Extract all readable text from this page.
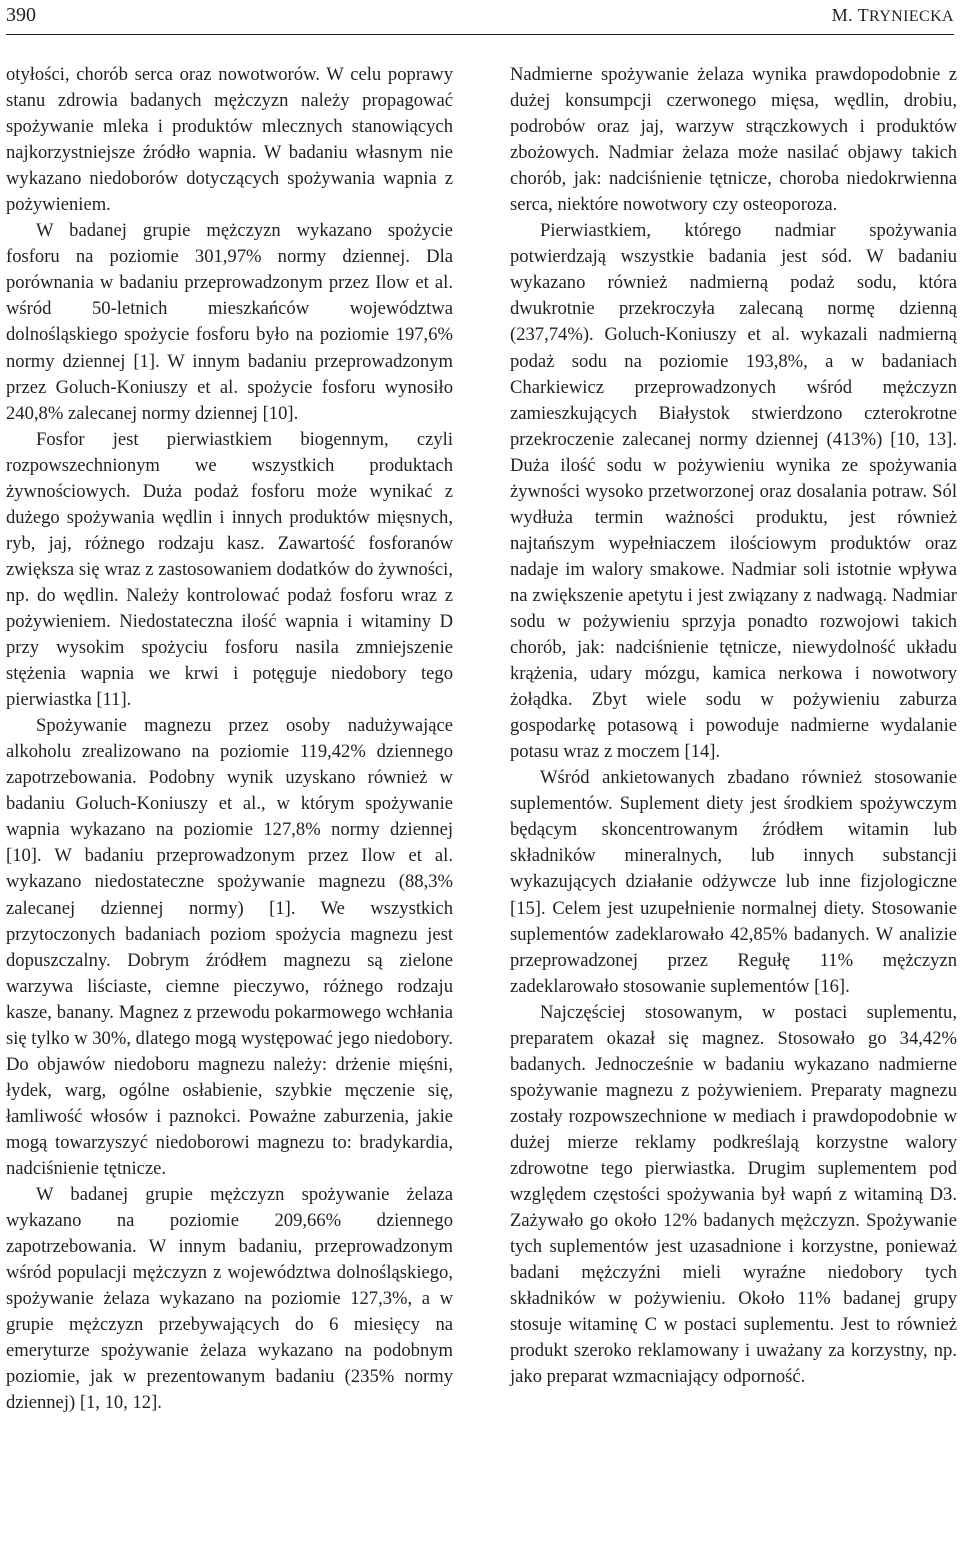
390	M. TRYNIECKA

otyłości, chorób serca oraz nowotworów. W celu poprawy stanu zdrowia badanych mężczyzn należy propagować spożywanie mleka i produktów mlecznych stanowiących najkorzystniejsze źródło wapnia. W badaniu własnym nie wykazano niedoborów dotyczących spożywania wapnia z pożywieniem.

W badanej grupie mężczyzn wykazano spożycie fosforu na poziomie 301,97% normy dziennej. Dla porównania w badaniu przeprowadzonym przez Ilow et al. wśród 50-letnich mieszkańców województwa dolnośląskiego spożycie fosforu było na poziomie 197,6% normy dziennej [1]. W innym badaniu przeprowadzonym przez Goluch-Koniuszy et al. spożycie fosforu wynosiło 240,8% zalecanej normy dziennej [10].

Fosfor jest pierwiastkiem biogennym, czyli rozpowszechnionym we wszystkich produktach żywnościowych. Duża podaż fosforu może wynikać z dużego spożywania wędlin i innych produktów mięsnych, ryb, jaj, różnego rodzaju kasz. Zawartość fosforanów zwiększa się wraz z zastosowaniem dodatków do żywności, np. do wędlin. Należy kontrolować podaż fosforu wraz z pożywieniem. Niedostateczna ilość wapnia i witaminy D przy wysokim spożyciu fosforu nasila zmniejszenie stężenia wapnia we krwi i potęguje niedobory tego pierwiastka [11].

Spożywanie magnezu przez osoby nadużywające alkoholu zrealizowano na poziomie 119,42% dziennego zapotrzebowania. Podobny wynik uzyskano również w badaniu Goluch-Koniuszy et al., w którym spożywanie wapnia wykazano na poziomie 127,8% normy dziennej [10]. W badaniu przeprowadzonym przez Ilow et al. wykazano niedostateczne spożywanie magnezu (88,3% zalecanej dziennej normy) [1]. We wszystkich przytoczonych badaniach poziom spożycia magnezu jest dopuszczalny. Dobrym źródłem magnezu są zielone warzywa liściaste, ciemne pieczywo, różnego rodzaju kasze, banany. Magnez z przewodu pokarmowego wchłania się tylko w 30%, dlatego mogą występować jego niedobory. Do objawów niedoboru magnezu należy: drżenie mięśni, łydek, warg, ogólne osłabienie, szybkie męczenie się, łamliwość włosów i paznokci. Poważne zaburzenia, jakie mogą towarzyszyć niedoborowi magnezu to: bradykardia, nadciśnienie tętnicze.

W badanej grupie mężczyzn spożywanie żelaza wykazano na poziomie 209,66% dziennego zapotrzebowania. W innym badaniu, przeprowadzonym wśród populacji mężczyzn z województwa dolnośląskiego, spożywanie żelaza wykazano na poziomie 127,3%, a w grupie mężczyzn przebywających do 6 miesięcy na emeryturze spożywanie żelaza wykazano na podobnym poziomie, jak w prezentowanym badaniu (235% normy dziennej) [1, 10, 12].

Nadmierne spożywanie żelaza wynika prawdopodobnie z dużej konsumpcji czerwonego mięsa, wędlin, drobiu, podrobów oraz jaj, warzyw strączkowych i produktów zbożowych. Nadmiar żelaza może nasilać objawy takich chorób, jak: nadciśnienie tętnicze, choroba niedokrwienna serca, niektóre nowotwory czy osteoporoza.

Pierwiastkiem, którego nadmiar spożywania potwierdzają wszystkie badania jest sód. W badaniu wykazano również nadmierną podaż sodu, która dwukrotnie przekroczyła zalecaną normę dzienną (237,74%). Goluch-Koniuszy et al. wykazali nadmierną podaż sodu na poziomie 193,8%, a w badaniach Charkiewicz przeprowadzonych wśród mężczyzn zamieszkujących Białystok stwierdzono czterokrotne przekroczenie zalecanej normy dziennej (413%) [10, 13]. Duża ilość sodu w pożywieniu wynika ze spożywania żywności wysoko przetworzonej oraz dosalania potraw. Sól wydłuża termin ważności produktu, jest również najtańszym wypełniaczem ilościowym produktów oraz nadaje im walory smakowe. Nadmiar soli istotnie wpływa na zwiększenie apetytu i jest związany z nadwagą. Nadmiar sodu w pożywieniu sprzyja ponadto rozwojowi takich chorób, jak: nadciśnienie tętnicze, niewydolność układu krążenia, udary mózgu, kamica nerkowa i nowotwory żołądka. Zbyt wiele sodu w pożywieniu zaburza gospodarkę potasową i powoduje nadmierne wydalanie potasu wraz z moczem [14].

Wśród ankietowanych zbadano również stosowanie suplementów. Suplement diety jest środkiem spożywczym będącym skoncentrowanym źródłem witamin lub składników mineralnych, lub innych substancji wykazujących działanie odżywcze lub inne fizjologiczne [15]. Celem jest uzupełnienie normalnej diety. Stosowanie suplementów zadeklarowało 42,85% badanych. W analizie przeprowadzonej przez Regułę 11% mężczyzn zadeklarowało stosowanie suplementów [16].

Najczęściej stosowanym, w postaci suplementu, preparatem okazał się magnez. Stosowało go 34,42% badanych. Jednocześnie w badaniu wykazano nadmierne spożywanie magnezu z pożywieniem. Preparaty magnezu zostały rozpowszechnione w mediach i prawdopodobnie w dużej mierze reklamy podkreślają korzystne walory zdrowotne tego pierwiastka. Drugim suplementem pod względem częstości spożywania był wapń z witaminą D3. Zażywało go około 12% badanych mężczyzn. Spożywanie tych suplementów jest uzasadnione i korzystne, ponieważ badani mężczyźni mieli wyraźne niedobory tych składników w pożywieniu. Około 11% badanej grupy stosuje witaminę C w postaci suplementu. Jest to również produkt szeroko reklamowany i uważany za korzystny, np. jako preparat wzmacniający odporność.
